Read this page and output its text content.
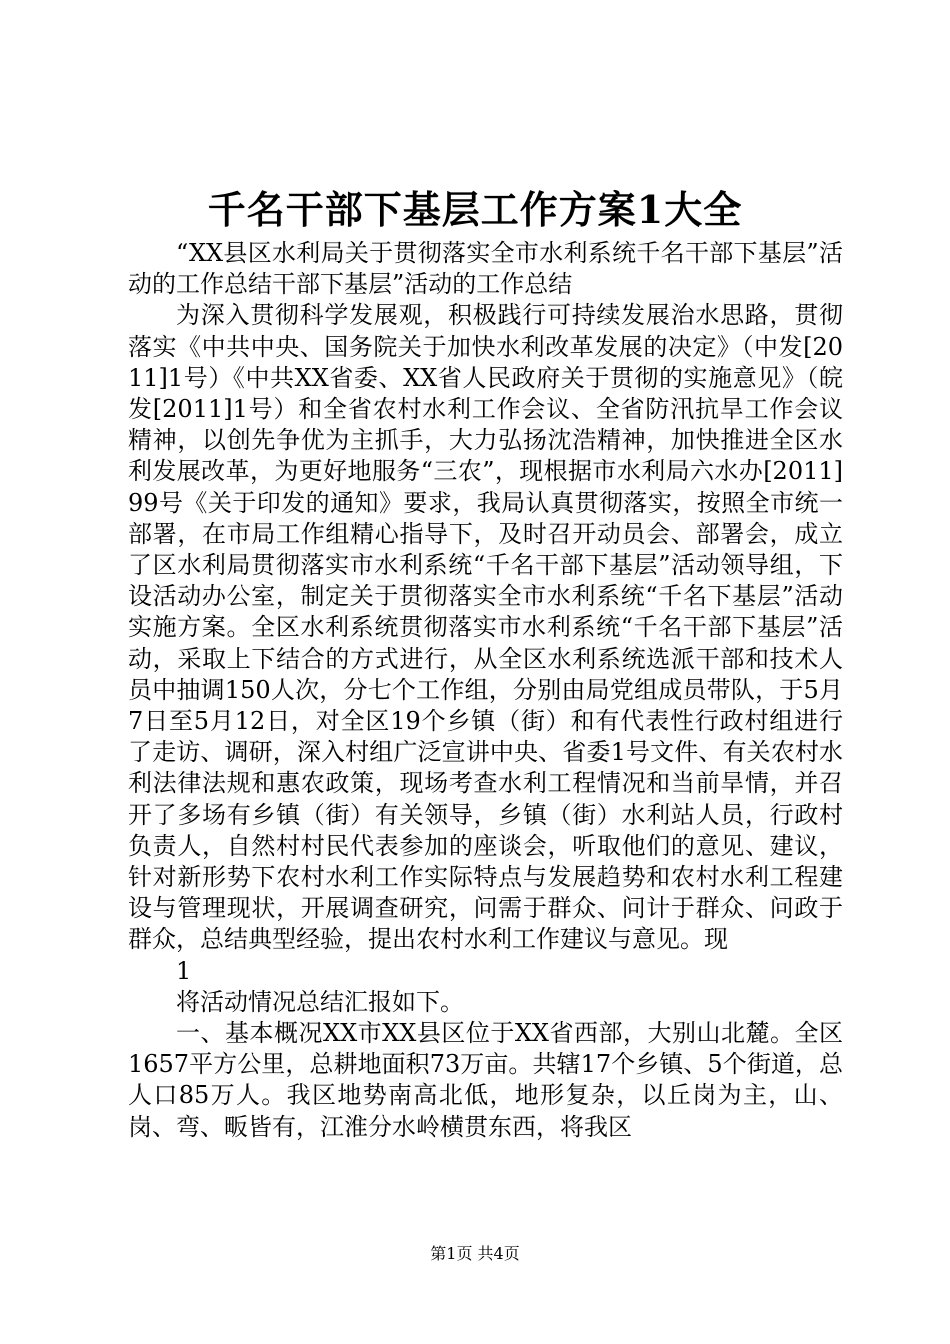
千名干部下基层工作方案1大全

“XX县区水利局关于贯彻落实全市水利系统千名干部下基层”活动的工作总结干部下基层”活动的工作总结

为深入贯彻科学发展观，积极践行可持续发展治水思路，贯彻落实《中共中央、国务院关于加快水利改革发展的决定》（中发[2011]1号）《中共XX省委、XX省人民政府关于贯彻的实施意见》（皖发[2011]1号）和全省农村水利工作会议、全省防汛抗旱工作会议精神，以创先争优为主抓手，大力弘扬沈浩精神，加快推进全区水利发展改革，为更好地服务“三农”，现根据市水利局六水办[2011]99号《关于印发的通知》要求，我局认真贯彻落实，按照全市统一部署，在市局工作组精心指导下，及时召开动员会、部署会，成立了区水利局贯彻落实市水利系统“千名干部下基层”活动领导组，下设活动办公室，制定关于贯彻落实全市水利系统“千名下基层”活动实施方案。全区水利系统贯彻落实市水利系统“千名干部下基层”活动，采取上下结合的方式进行，从全区水利系统选派干部和技术人员中抽调150人次，分七个工作组，分别由局党组成员带队，于5月7日至5月12日，对全区19个乡镇（街）和有代表性行政村组进行了走访、调研，深入村组广泛宣讲中央、省委1号文件、有关农村水利法律法规和惠农政策，现场考查水利工程情况和当前旱情，并召开了多场有乡镇（街）有关领导，乡镇（街）水利站人员，行政村负责人，自然村村民代表参加的座谈会，听取他们的意见、建议，针对新形势下农村水利工作实际特点与发展趋势和农村水利工程建设与管理现状，开展调查研究，问需于群众、问计于群众、问政于群众，总结典型经验，提出农村水利工作建议与意见。现

1

将活动情况总结汇报如下。

一、基本概况XX市XX县区位于XX省西部，大别山北麓。全区1657平方公里，总耕地面积73万亩。共辖17个乡镇、5个街道，总人口85万人。我区地势南高北低，地形复杂，以丘岗为主，山、岗、弯、畈皆有，江淮分水岭横贯东西，将我区

第1页 共4页
